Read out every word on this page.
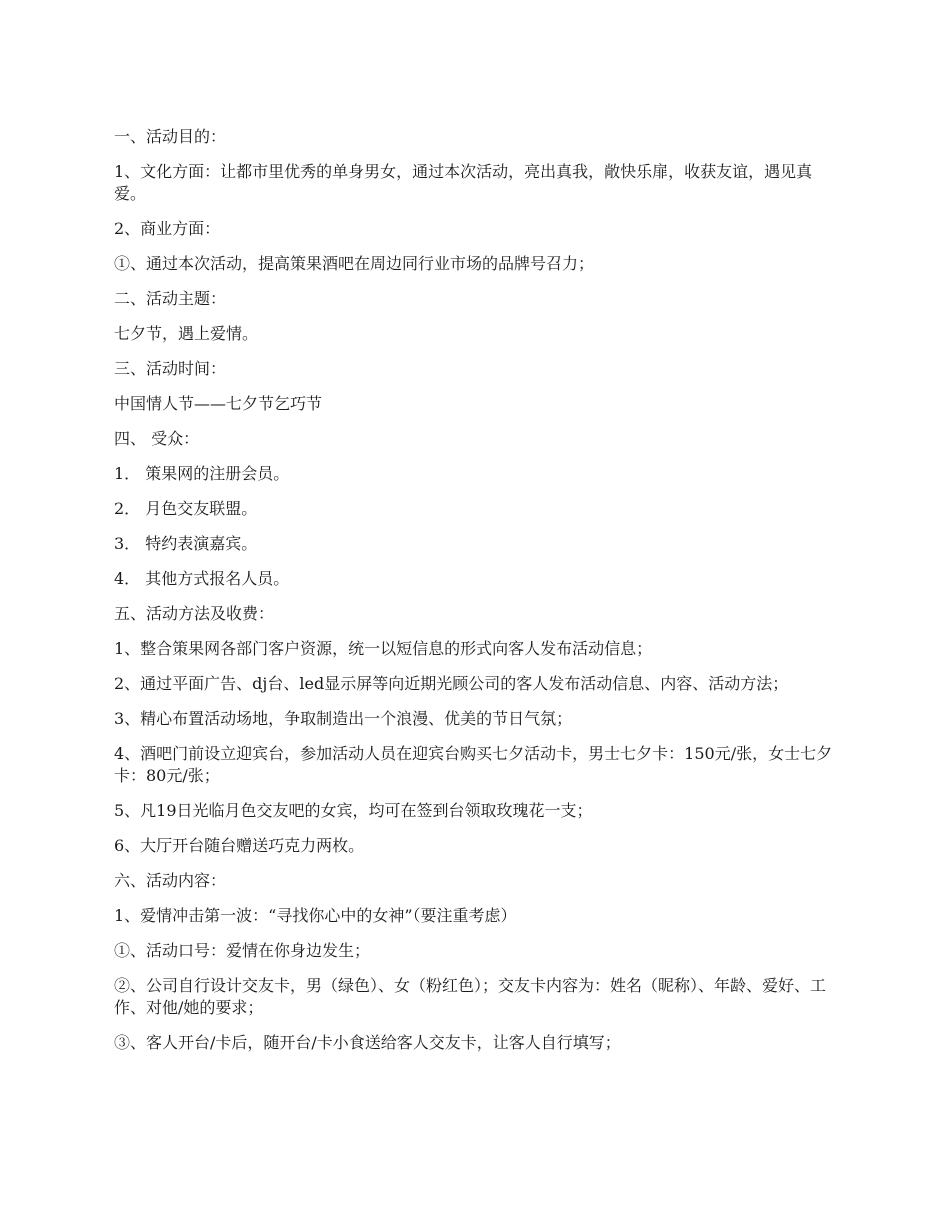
一、活动目的：

1、文化方面：让都市里优秀的单身男女，通过本次活动，亮出真我，敞快乐扉，收获友谊，遇见真爱。

2、商业方面：

①、通过本次活动，提高策果酒吧在周边同行业市场的品牌号召力；

二、活动主题：

七夕节，遇上爱情。

三、活动时间：

中国情人节——七夕节乞巧节

四、 受众：

1． 策果网的注册会员。

2． 月色交友联盟。

3． 特约表演嘉宾。

4． 其他方式报名人员。

五、活动方法及收费：

1、整合策果网各部门客户资源，统一以短信息的形式向客人发布活动信息；

2、通过平面广告、dj台、led显示屏等向近期光顾公司的客人发布活动信息、内容、活动方法；

3、精心布置活动场地，争取制造出一个浪漫、优美的节日气氛；

4、酒吧门前设立迎宾台，参加活动人员在迎宾台购买七夕活动卡，男士七夕卡：150元/张，女士七夕卡：80元/张；

5、凡19日光临月色交友吧的女宾，均可在签到台领取玫瑰花一支；

6、大厅开台随台赠送巧克力两枚。

六、活动内容：

1、爱情冲击第一波：“寻找你心中的女神”（要注重考虑）

①、活动口号：爱情在你身边发生；

②、公司自行设计交友卡，男（绿色）、女（粉红色）；交友卡内容为：姓名（昵称）、年龄、爱好、工作、对他/她的要求；

③、客人开台/卡后，随开台/卡小食送给客人交友卡，让客人自行填写；
